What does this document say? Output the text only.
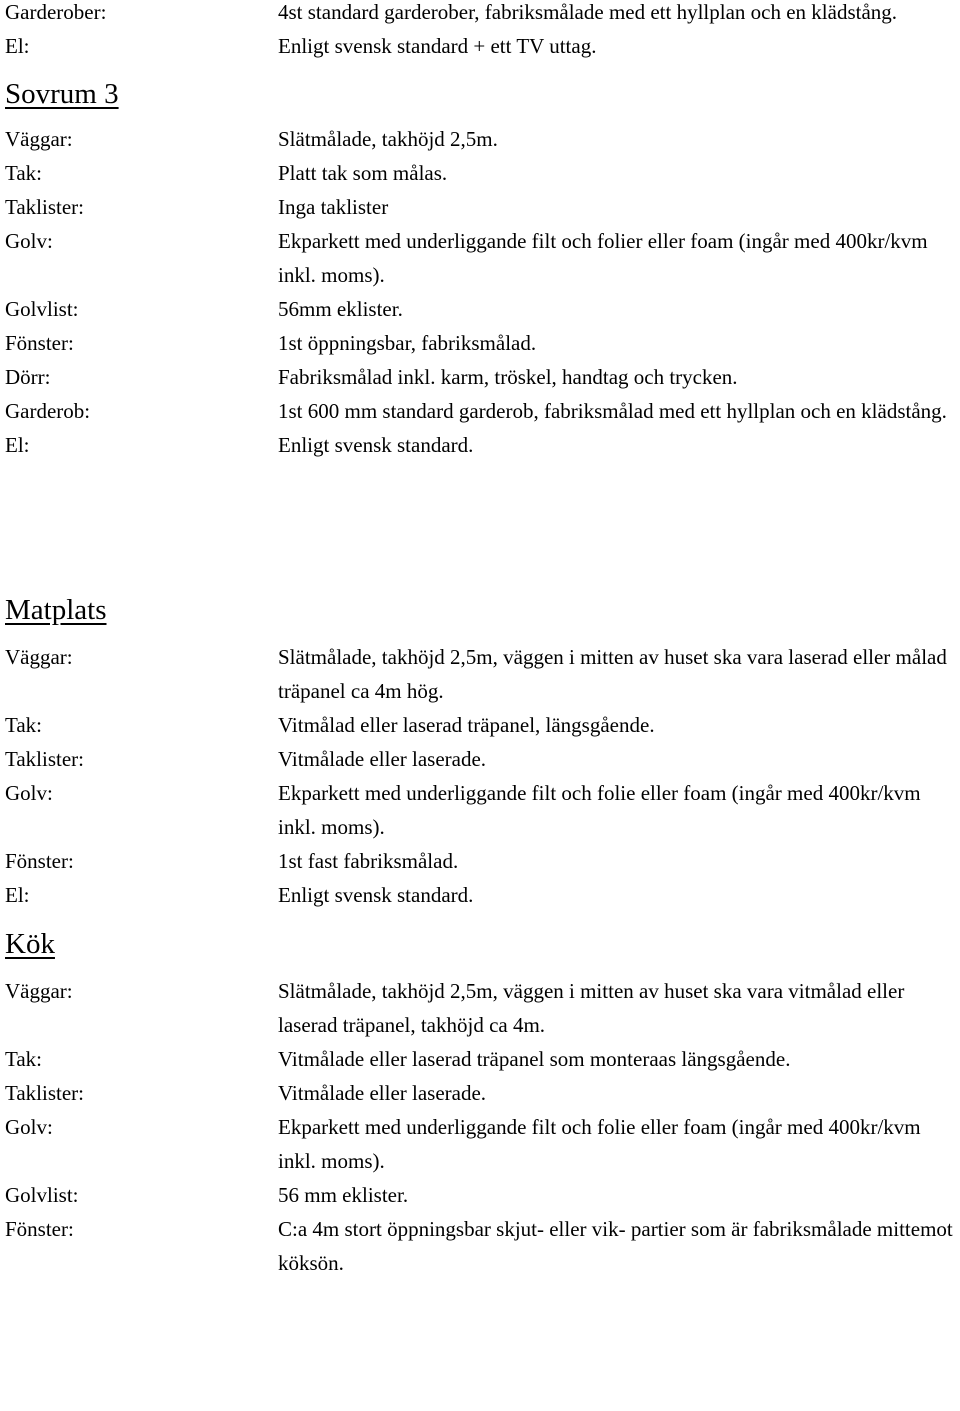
Garderober:	4st standard garderober, fabriksmålade med ett hyllplan och en klädstång.
El:	Enligt svensk standard + ett TV uttag.
Sovrum 3
Väggar:	Slätmålade, takhöjd 2,5m.
Tak:	Platt tak som målas.
Taklister:	Inga taklister
Golv:	Ekparkett med underliggande filt och folier eller foam (ingår med 400kr/kvm inkl. moms).
Golvlist:	56mm eklister.
Fönster:	1st öppningsbar, fabriksmålad.
Dörr:	Fabriksmålad inkl. karm, tröskel, handtag och trycken.
Garderob:	1st 600 mm standard garderob, fabriksmålad med ett hyllplan och en klädstång.
El:	Enligt svensk standard.
Matplats
Väggar:	Slätmålade, takhöjd 2,5m, väggen i mitten av huset ska vara laserad eller målad träpanel ca 4m hög.
Tak:	Vitmålad eller laserad träpanel, längsgående.
Taklister:	Vitmålade eller laserade.
Golv:	Ekparkett med underliggande filt och folie eller foam (ingår med 400kr/kvm inkl. moms).
Fönster:	1st fast fabriksmålad.
El:	Enligt svensk standard.
Kök
Väggar:	Slätmålade, takhöjd 2,5m, väggen i mitten av huset ska vara vitmålad eller laserad träpanel, takhöjd ca 4m.
Tak:	Vitmålade eller laserad träpanel som monteraas längsgående.
Taklister:	Vitmålade eller laserade.
Golv:	Ekparkett med underliggande filt och folie eller foam (ingår med 400kr/kvm inkl. moms).
Golvlist:	56 mm eklister.
Fönster:	C:a 4m stort öppningsbar skjut- eller vik- partier som är fabriksmålade mittemot köksön.
